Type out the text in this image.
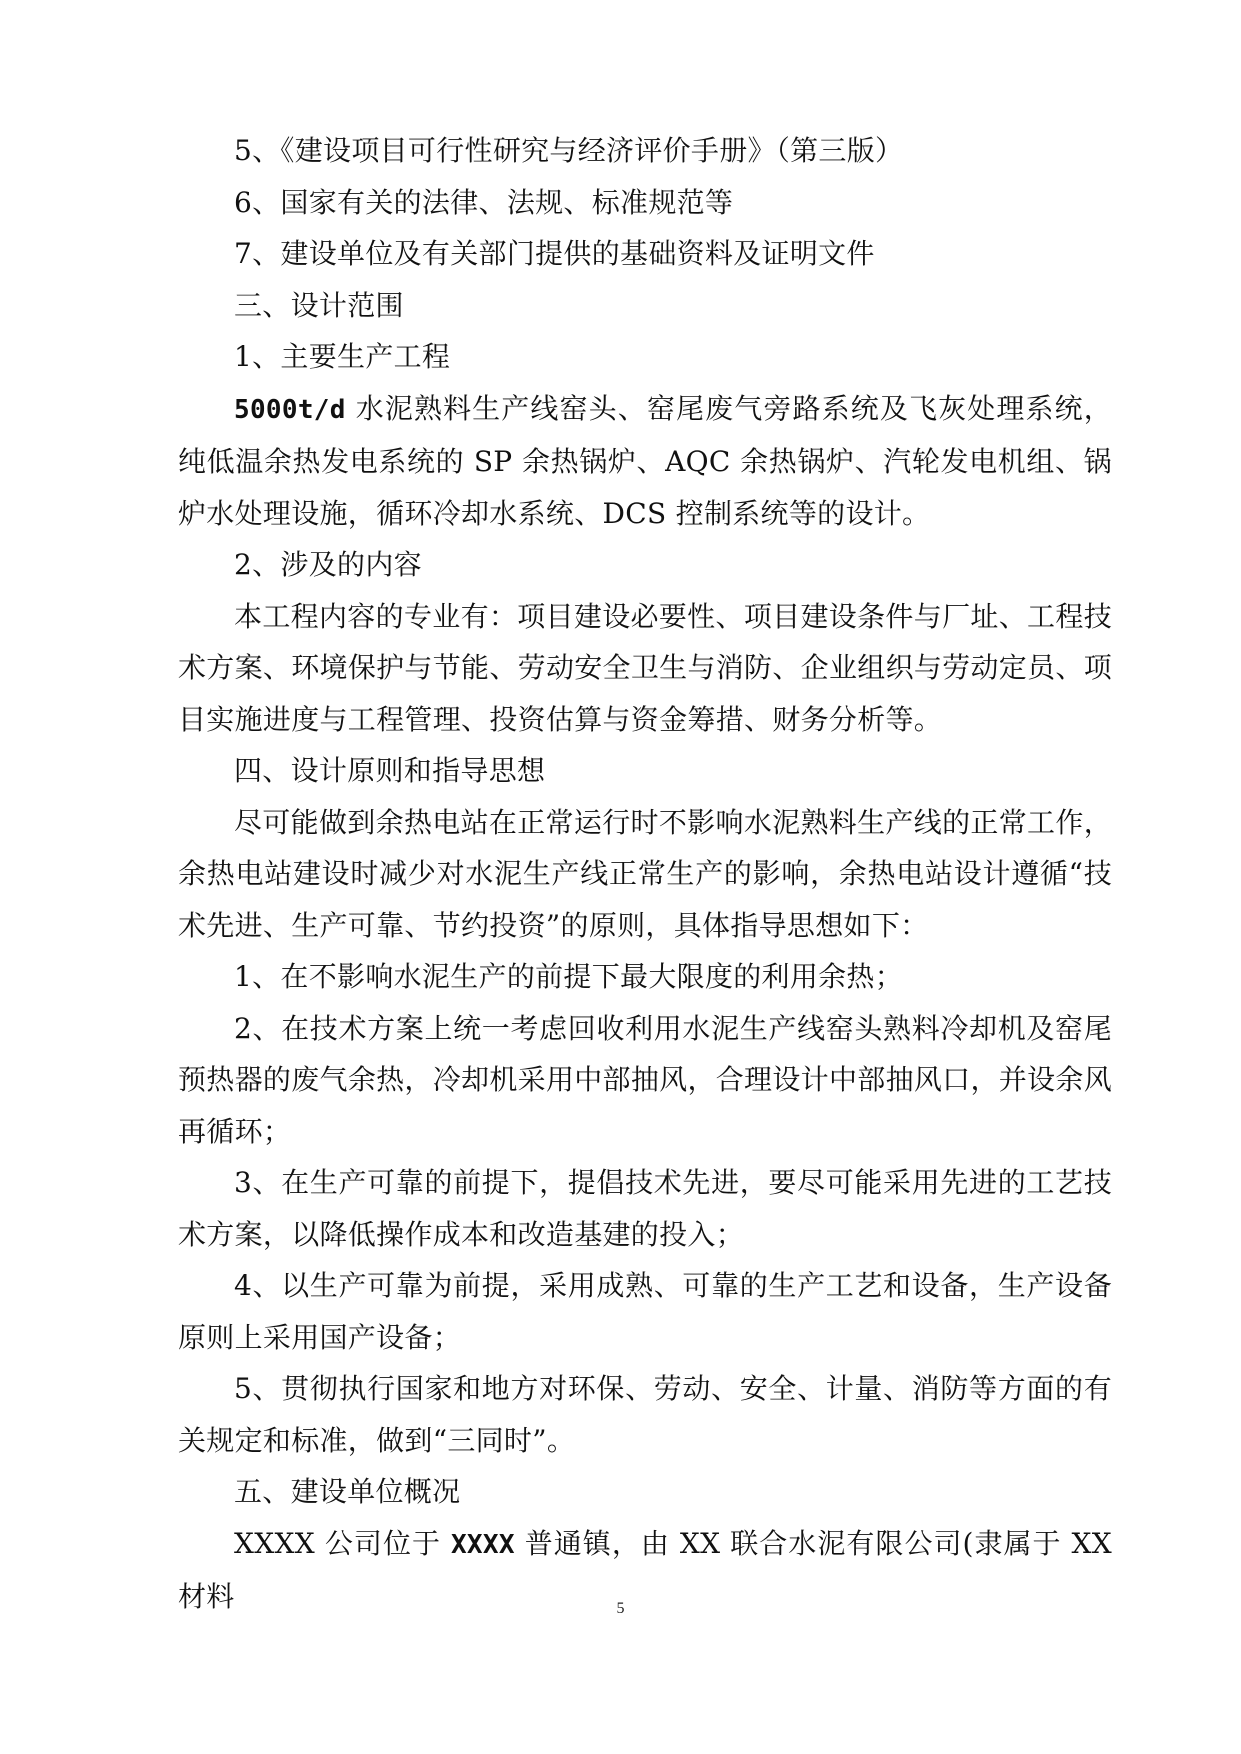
5、《建设项目可行性研究与经济评价手册》（第三版）

6、国家有关的法律、法规、标准规范等

7、建设单位及有关部门提供的基础资料及证明文件

三、设计范围

1、主要生产工程

5000t/d 水泥熟料生产线窑头、窑尾废气旁路系统及飞灰处理系统，纯低温余热发电系统的 SP 余热锅炉、AQC 余热锅炉、汽轮发电机组、锅炉水处理设施，循环冷却水系统、DCS 控制系统等的设计。

2、涉及的内容

本工程内容的专业有：项目建设必要性、项目建设条件与厂址、工程技术方案、环境保护与节能、劳动安全卫生与消防、企业组织与劳动定员、项目实施进度与工程管理、投资估算与资金筹措、财务分析等。

四、设计原则和指导思想

尽可能做到余热电站在正常运行时不影响水泥熟料生产线的正常工作，余热电站建设时减少对水泥生产线正常生产的影响，余热电站设计遵循“技术先进、生产可靠、节约投资”的原则，具体指导思想如下：

1、在不影响水泥生产的前提下最大限度的利用余热；

2、在技术方案上统一考虑回收利用水泥生产线窑头熟料冷却机及窑尾预热器的废气余热，冷却机采用中部抽风，合理设计中部抽风口，并设余风再循环；

3、在生产可靠的前提下，提倡技术先进，要尽可能采用先进的工艺技术方案，以降低操作成本和改造基建的投入；

4、以生产可靠为前提，采用成熟、可靠的生产工艺和设备，生产设备原则上采用国产设备；

5、贯彻执行国家和地方对环保、劳动、安全、计量、消防等方面的有关规定和标准，做到“三同时”。

五、建设单位概况

XXXX 公司位于 XXXX 普通镇，由 XX 联合水泥有限公司(隶属于 XX 材料	5
